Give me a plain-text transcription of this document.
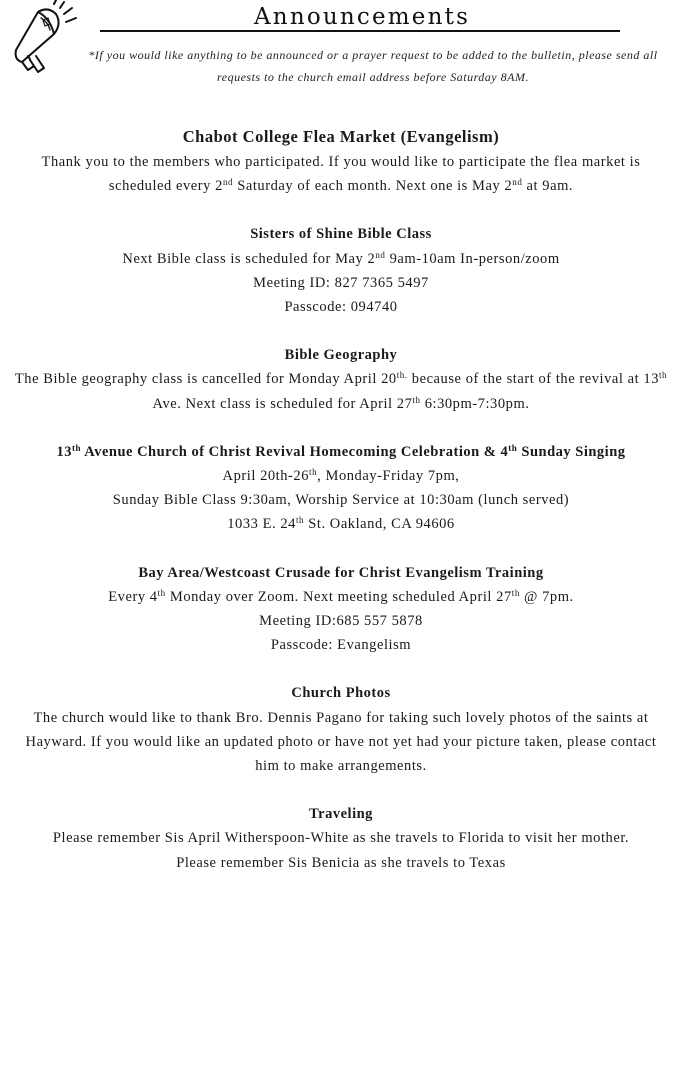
Announcements
*If you would like anything to be announced or a prayer request to be added to the bulletin, please send all requests to the church email address before Saturday 8AM.
Chabot College Flea Market (Evangelism)

Thank you to the members who participated. If you would like to participate the flea market is scheduled every 2nd Saturday of each month. Next one is May 2nd at 9am.

Sisters of Shine Bible Class

Next Bible class is scheduled for May 2nd 9am-10am In-person/zoom

Meeting ID: 827 7365 5497

Passcode: 094740

Bible Geography

The Bible geography class is cancelled for Monday April $20^{th.}$ because of the start of the revival at 13th Ave. Next class is scheduled for April 27th 6:30pm-7:30pm.

13th Avenue Church of Christ Revival Homecoming Celebration & 4th Sunday Singing

April 20th-26th, Monday-Friday 7pm,

Sunday Bible Class 9:30am, Worship Service at 10:30am (lunch served)

1033 E. 24th St. Oakland, CA 94606

Bay Area/Westcoast Crusade for Christ Evangelism Training

Every 4th Monday over Zoom. Next meeting scheduled April 27th @ 7pm.

Meeting ID:685 557 5878

Passcode: Evangelism

Church Photos

The church would like to thank Bro. Dennis Pagano for taking such lovely photos of the saints at Hayward. If you would like an updated photo or have not yet had your picture taken, please contact him to make arrangements.

Traveling

Please remember Sis April Witherspoon-White as she travels to Florida to visit her mother.

Please remember Sis Benicia as she travels to Texas
